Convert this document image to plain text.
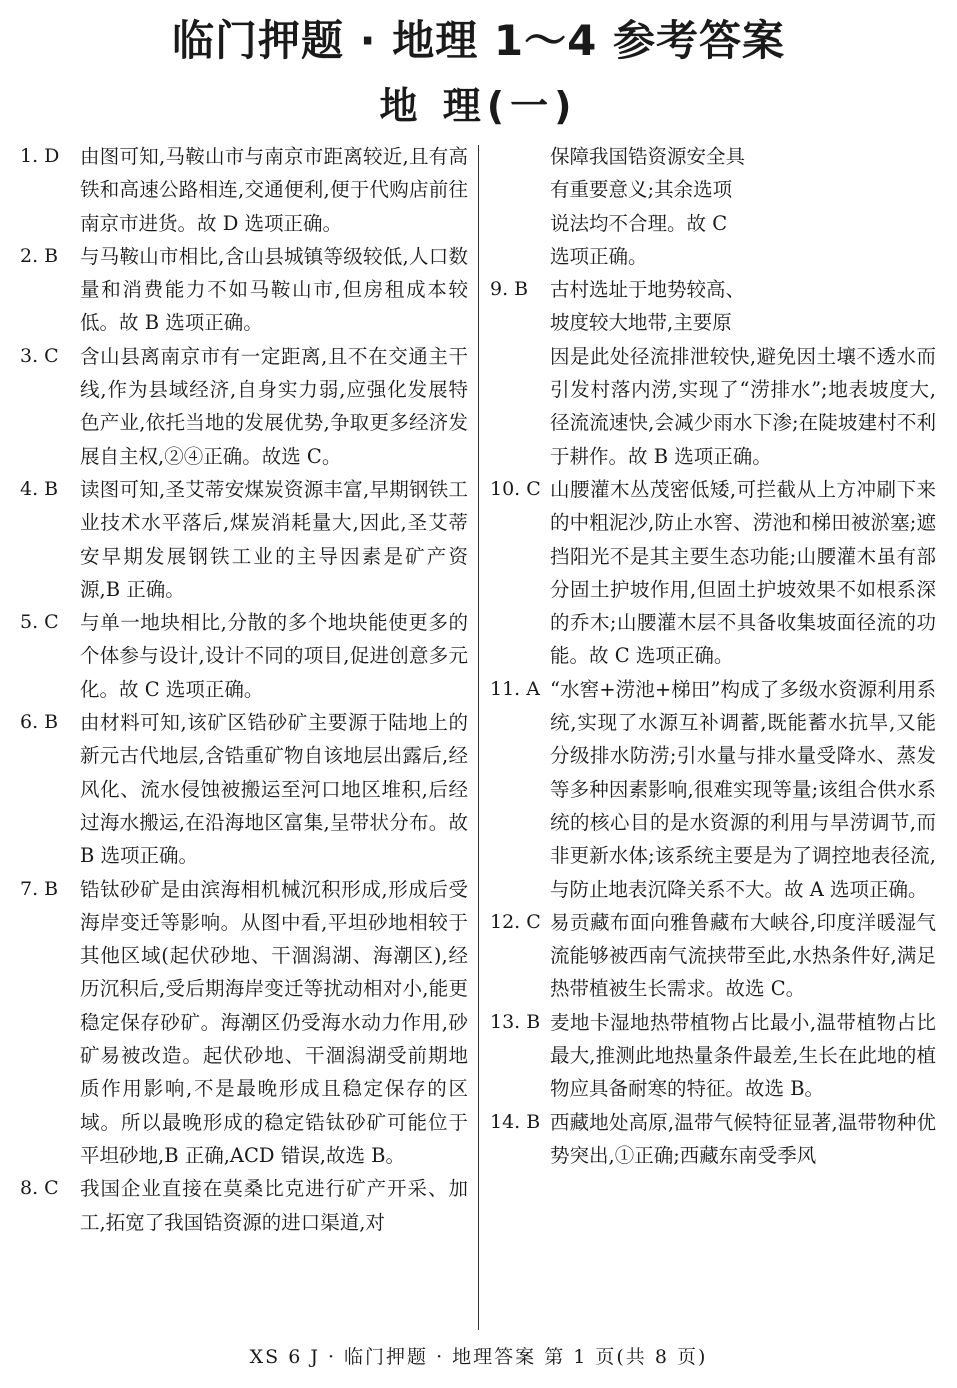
临门押题 · 地理 1～4 参考答案
地 理(一)
1. D	由图可知,马鞍山市与南京市距离较近,且有高铁和高速公路相连,交通便利,便于代购店前往南京市进货。故 D 选项正确。
2. B	与马鞍山市相比,含山县城镇等级较低,人口数量和消费能力不如马鞍山市,但房租成本较低。故 B 选项正确。
3. C	含山县离南京市有一定距离,且不在交通主干线,作为县域经济,自身实力弱,应强化发展特色产业,依托当地的发展优势,争取更多经济发展自主权,②④正确。故选 C。
4. B	读图可知,圣艾蒂安煤炭资源丰富,早期钢铁工业技术水平落后,煤炭消耗量大,因此,圣艾蒂安早期发展钢铁工业的主导因素是矿产资源,B 正确。
5. C	与单一地块相比,分散的多个地块能使更多的个体参与设计,设计不同的项目,促进创意多元化。故 C 选项正确。
6. B	由材料可知,该矿区锆砂矿主要源于陆地上的新元古代地层,含锆重矿物自该地层出露后,经风化、流水侵蚀被搬运至河口地区堆积,后经过海水搬运,在沿海地区富集,呈带状分布。故 B 选项正确。
7. B	锆钛砂矿是由滨海相机械沉积形成,形成后受海岸变迁等影响。从图中看,平坦砂地相较于其他区域(起伏砂地、干涸潟湖、海潮区),经历沉积后,受后期海岸变迁等扰动相对小,能更稳定保存砂矿。海潮区仍受海水动力作用,砂矿易被改造。起伏砂地、干涸潟湖受前期地质作用影响,不是最晚形成且稳定保存的区域。所以最晚形成的稳定锆钛砂矿可能位于平坦砂地,B 正确,ACD 错误,故选 B。
8. C	我国企业直接在莫桑比克进行矿产开采、加工,拓宽了我国锆资源的进口渠道,对
保障我国锆资源安全具
有重要意义;其余选项
说法均不合理。故 C
选项正确。
9. B	古村选址于地势较高、
坡度较大地带,主要原
因是此处径流排泄较快,避免因土壤不透水而引发村落内涝,实现了“涝排水”;地表坡度大,径流流速快,会减少雨水下渗;在陡坡建村不利于耕作。故 B 选项正确。
10. C 山腰灌木丛茂密低矮,可拦截从上方冲刷下来的中粗泥沙,防止水窖、涝池和梯田被淤塞;遮挡阳光不是其主要生态功能;山腰灌木虽有部分固土护坡作用,但固土护坡效果不如根系深的乔木;山腰灌木层不具备收集坡面径流的功能。故 C 选项正确。
11. A “水窖+涝池+梯田”构成了多级水资源利用系统,实现了水源互补调蓄,既能蓄水抗旱,又能分级排水防涝;引水量与排水量受降水、蒸发等多种因素影响,很难实现等量;该组合供水系统的核心目的是水资源的利用与旱涝调节,而非更新水体;该系统主要是为了调控地表径流,与防止地表沉降关系不大。故 A 选项正确。
12. C 易贡藏布面向雅鲁藏布大峡谷,印度洋暖湿气流能够被西南气流挟带至此,水热条件好,满足热带植被生长需求。故选 C。
13. B 麦地卡湿地热带植物占比最小,温带植物占比最大,推测此地热量条件最差,生长在此地的植物应具备耐寒的特征。故选 B。
14. B 西藏地处高原,温带气候特征显著,温带物种优势突出,①正确;西藏东南受季风
XS 6 J · 临门押题 · 地理答案 第 1 页(共 8 页)
